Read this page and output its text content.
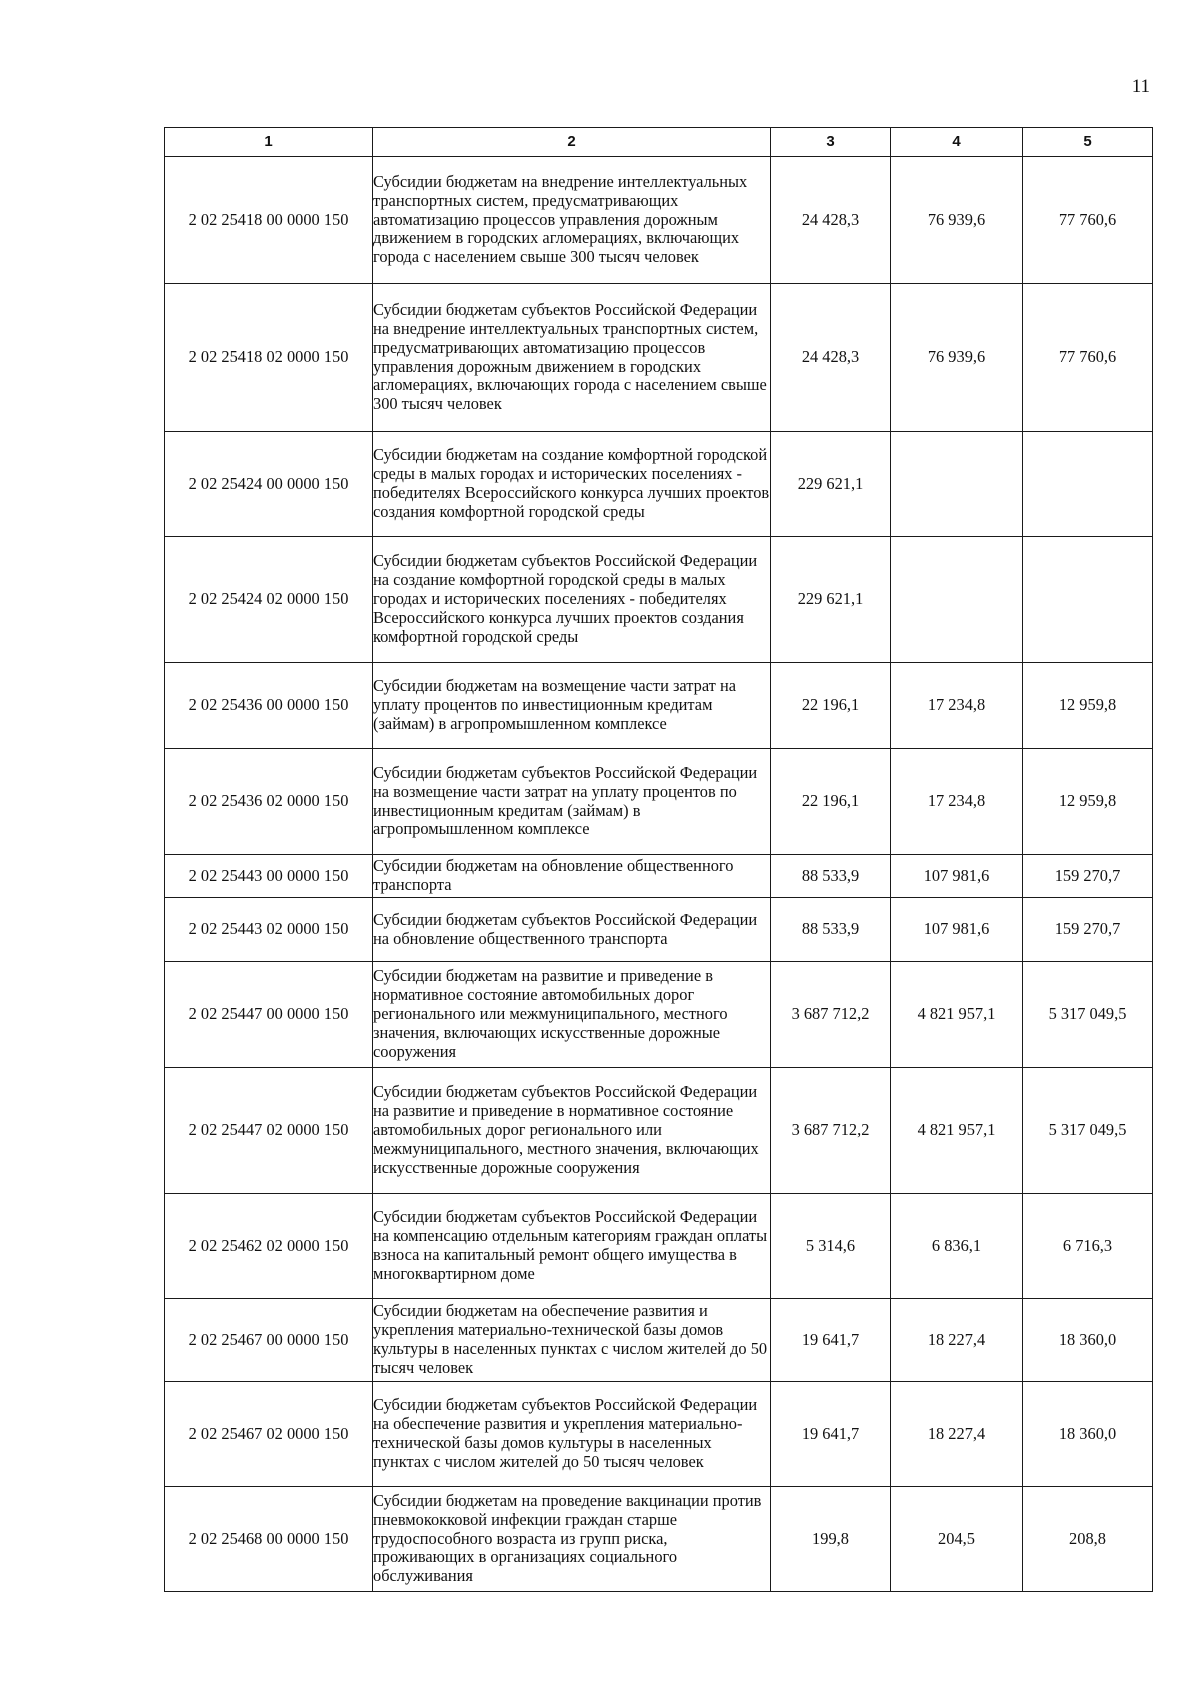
11
1	2	3	4	5
2 02 25418 00 0000 150	Субсидии бюджетам на внедрение интеллектуальных транспортных систем, предусматривающих автоматизацию процессов управления дорожным движением в городских агломерациях, включающих города с населением свыше 300 тысяч человек	24 428,3	76 939,6	77 760,6
2 02 25418 02 0000 150	Субсидии бюджетам субъектов Российской Федерации на внедрение интеллектуальных транспортных систем, предусматривающих автоматизацию процессов управления дорожным движением в городских агломерациях, включающих города с населением свыше 300 тысяч человек	24 428,3	76 939,6	77 760,6
2 02 25424 00 0000 150	Субсидии бюджетам на создание комфортной городской среды в малых городах и исторических поселениях - победителях Всероссийского конкурса лучших проектов создания комфортной городской среды	229 621,1		
2 02 25424 02 0000 150	Субсидии бюджетам субъектов Российской Федерации на создание комфортной городской среды в малых городах и исторических поселениях - победителях Всероссийского конкурса лучших проектов создания комфортной городской среды	229 621,1		
2 02 25436 00 0000 150	Субсидии бюджетам на возмещение части затрат на уплату процентов по инвестиционным кредитам (займам) в агропромышленном комплексе	22 196,1	17 234,8	12 959,8
2 02 25436 02 0000 150	Субсидии бюджетам субъектов Российской Федерации на возмещение части затрат на уплату процентов по инвестиционным кредитам (займам) в агропромышленном комплексе	22 196,1	17 234,8	12 959,8
2 02 25443 00 0000 150	Субсидии бюджетам на обновление общественного транспорта	88 533,9	107 981,6	159 270,7
2 02 25443 02 0000 150	Субсидии бюджетам субъектов Российской Федерации на обновление общественного транспорта	88 533,9	107 981,6	159 270,7
2 02 25447 00 0000 150	Субсидии бюджетам на развитие и приведение в нормативное состояние автомобильных дорог регионального или межмуниципального, местного значения, включающих искусственные дорожные сооружения	3 687 712,2	4 821 957,1	5 317 049,5
2 02 25447 02 0000 150	Субсидии бюджетам субъектов Российской Федерации на развитие и приведение в нормативное состояние автомобильных дорог регионального или межмуниципального, местного значения, включающих искусственные дорожные сооружения	3 687 712,2	4 821 957,1	5 317 049,5
2 02 25462 02 0000 150	Субсидии бюджетам субъектов Российской Федерации на компенсацию отдельным категориям граждан оплаты взноса на капитальный ремонт общего имущества в многоквартирном доме	5 314,6	6 836,1	6 716,3
2 02 25467 00 0000 150	Субсидии бюджетам на обеспечение развития и укрепления материально-технической базы домов культуры в населенных пунктах с числом жителей до 50 тысяч человек	19 641,7	18 227,4	18 360,0
2 02 25467 02 0000 150	Субсидии бюджетам субъектов Российской Федерации на обеспечение развития и укрепления материально-технической базы домов культуры в населенных пунктах с числом жителей до 50 тысяч человек	19 641,7	18 227,4	18 360,0
2 02 25468 00 0000 150	Субсидии бюджетам на проведение вакцинации против пневмококковой инфекции граждан старше трудоспособного возраста из групп риска, проживающих в организациях социального обслуживания	199,8	204,5	208,8
